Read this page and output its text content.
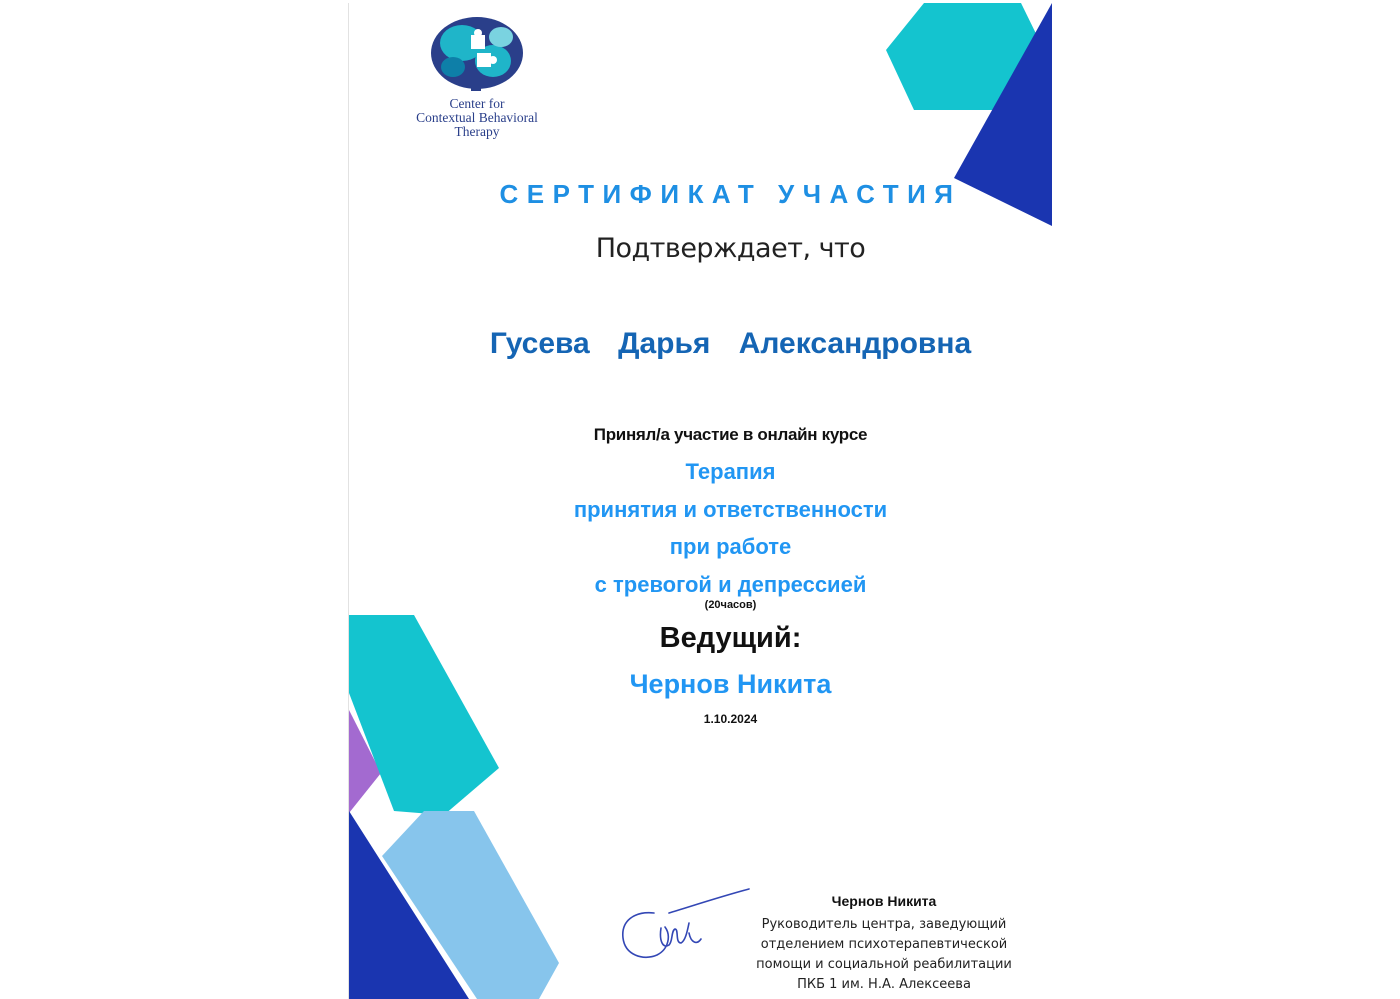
Center for
Contextual Behavioral
Therapy
СЕРТИФИКАТ УЧАСТИЯ
Подтверждает, что
Гусева Дарья Александровна
Принял/а участие в онлайн курсе
Терапия
принятия и ответственности
при работе
с тревогой и депрессией
(20часов)
Ведущий:
Чернов Никита
1.10.2024
Чернов Никита
Руководитель центра, заведующий
отделением психотерапевтической
помощи и социальной реабилитации
ПКБ 1 им. Н.А. Алексеева
